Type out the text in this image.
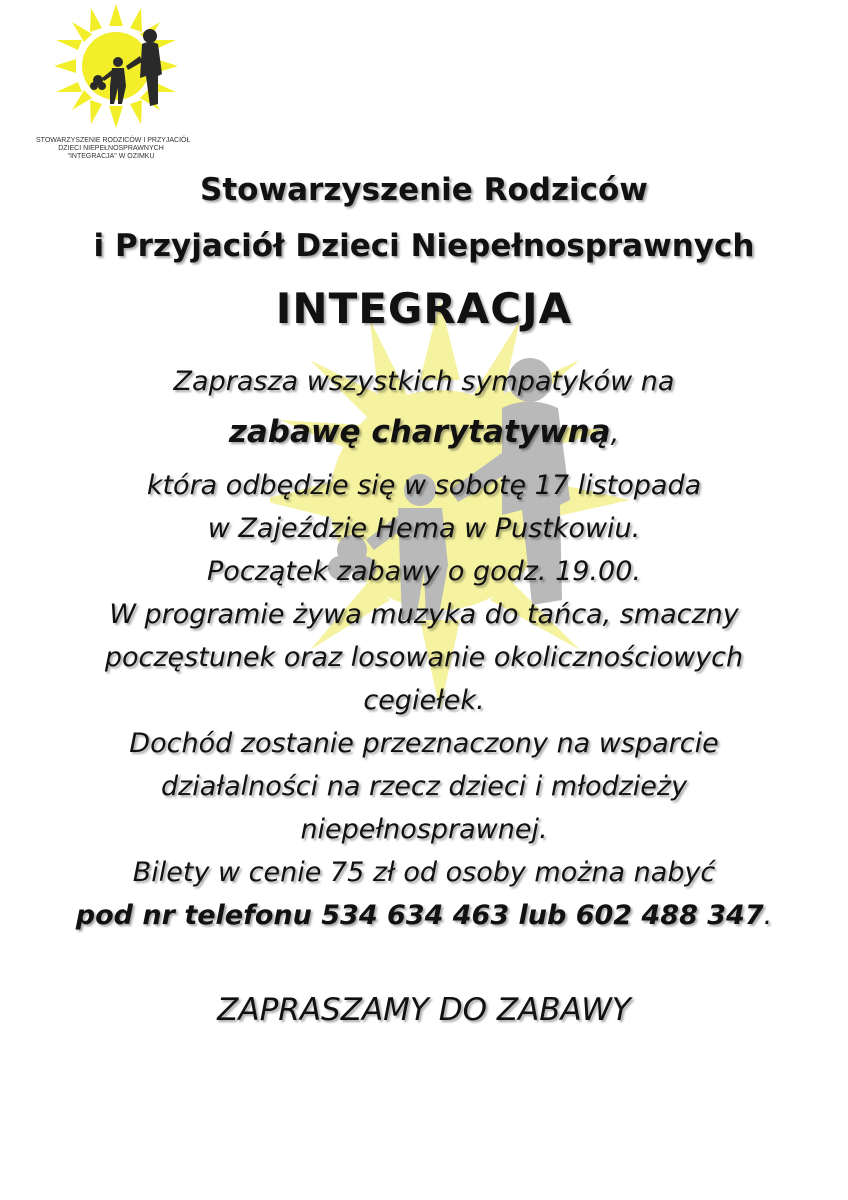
STOWARZYSZENIE RODZICÓW I PRZYJACIÓŁ
DZIECI NIEPEŁNOSPRAWNYCH
"INTEGRACJA" W OZIMKU
Stowarzyszenie Rodziców
i Przyjaciół Dzieci Niepełnosprawnych
INTEGRACJA
Zaprasza wszystkich sympatyków na
zabawę charytatywną,
która odbędzie się w sobotę 17 listopada
w Zajeździe Hema w Pustkowiu.
Początek zabawy o godz. 19.00.
W programie żywa muzyka do tańca, smaczny
poczęstunek oraz losowanie okolicznościowych
cegiełek.
Dochód zostanie przeznaczony na wsparcie
działalności na rzecz dzieci i młodzieży
niepełnosprawnej.
Bilety w cenie 75 zł od osoby można nabyć
pod nr telefonu 534 634 463 lub 602 488 347.
ZAPRASZAMY DO ZABAWY
